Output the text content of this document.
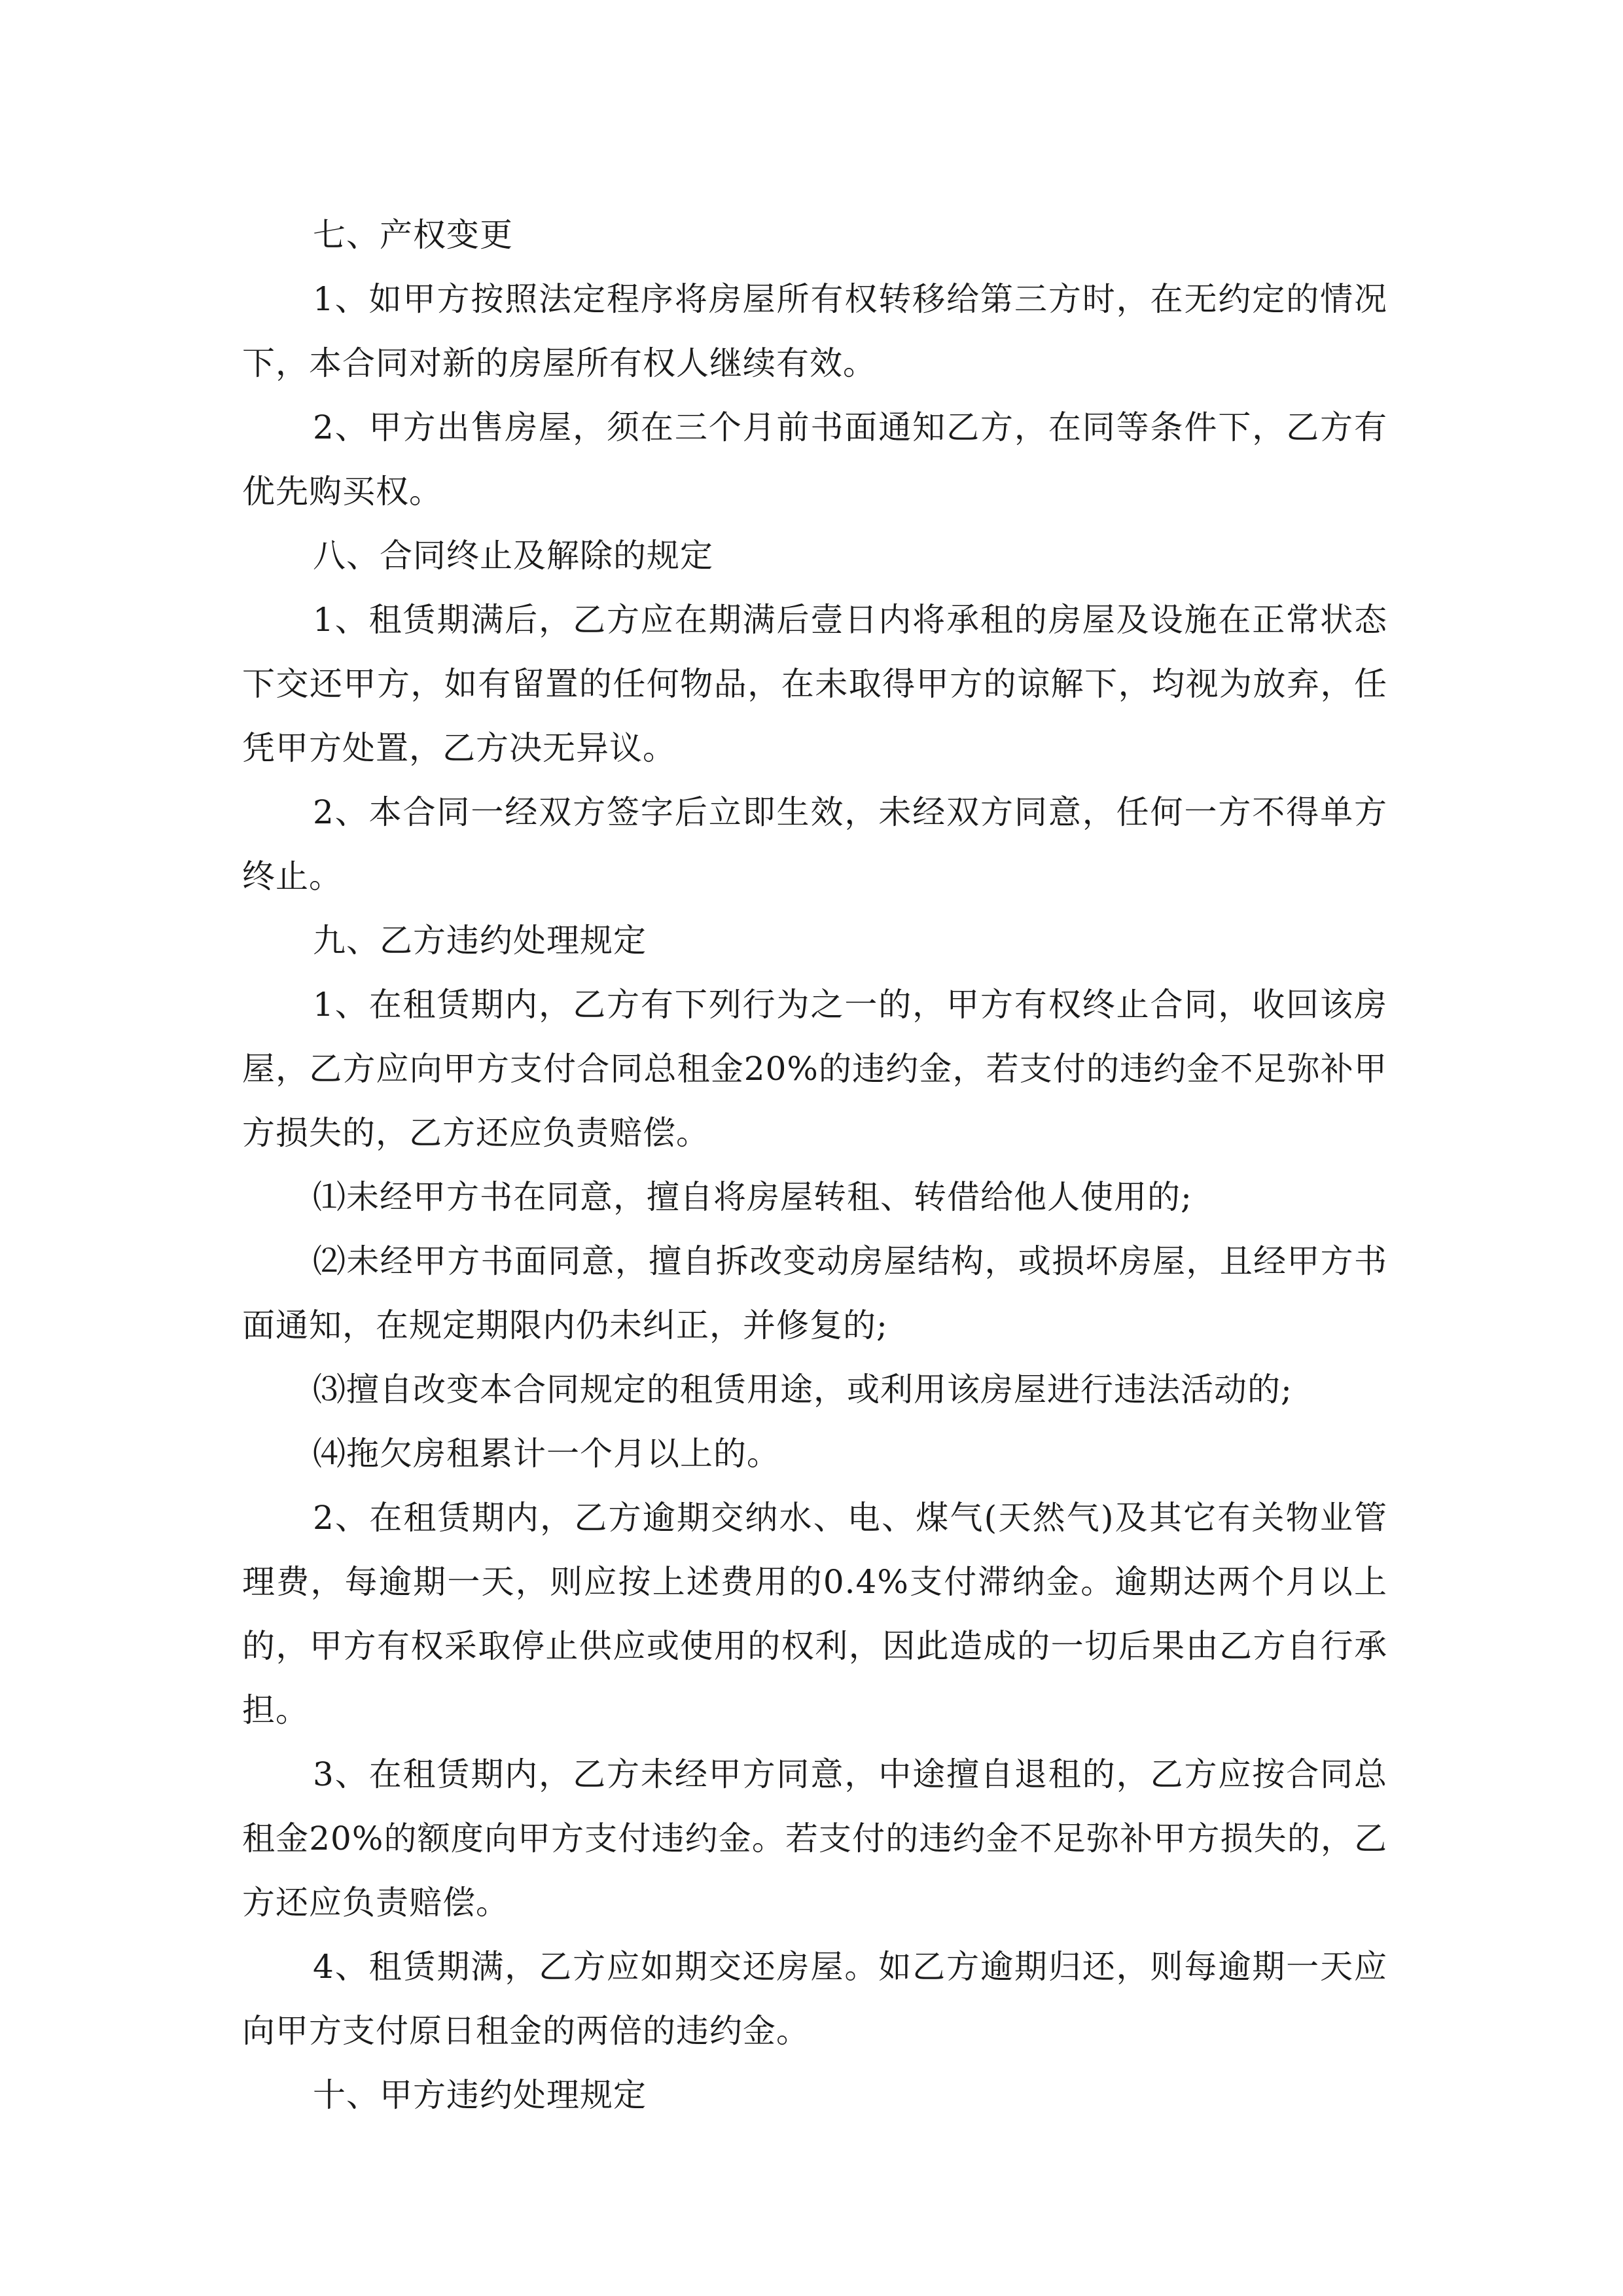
七、产权变更

1、如甲方按照法定程序将房屋所有权转移给第三方时，在无约定的情况下，本合同对新的房屋所有权人继续有效。

2、甲方出售房屋，须在三个月前书面通知乙方，在同等条件下，乙方有优先购买权。

八、合同终止及解除的规定

1、租赁期满后，乙方应在期满后壹日内将承租的房屋及设施在正常状态下交还甲方，如有留置的任何物品，在未取得甲方的谅解下，均视为放弃，任凭甲方处置，乙方决无异议。

2、本合同一经双方签字后立即生效，未经双方同意，任何一方不得单方终止。

九、乙方违约处理规定

1、在租赁期内，乙方有下列行为之一的，甲方有权终止合同，收回该房屋，乙方应向甲方支付合同总租金20%的违约金，若支付的违约金不足弥补甲方损失的，乙方还应负责赔偿。

⑴未经甲方书在同意，擅自将房屋转租、转借给他人使用的;

⑵未经甲方书面同意，擅自拆改变动房屋结构，或损坏房屋，且经甲方书面通知，在规定期限内仍未纠正，并修复的;

⑶擅自改变本合同规定的租赁用途，或利用该房屋进行违法活动的;

⑷拖欠房租累计一个月以上的。

2、在租赁期内，乙方逾期交纳水、电、煤气(天然气)及其它有关物业管理费，每逾期一天，则应按上述费用的0.4%支付滞纳金。逾期达两个月以上的，甲方有权采取停止供应或使用的权利，因此造成的一切后果由乙方自行承担。

3、在租赁期内，乙方未经甲方同意，中途擅自退租的，乙方应按合同总租金20%的额度向甲方支付违约金。若支付的违约金不足弥补甲方损失的，乙方还应负责赔偿。

4、租赁期满，乙方应如期交还房屋。如乙方逾期归还，则每逾期一天应向甲方支付原日租金的两倍的违约金。

十、甲方违约处理规定
